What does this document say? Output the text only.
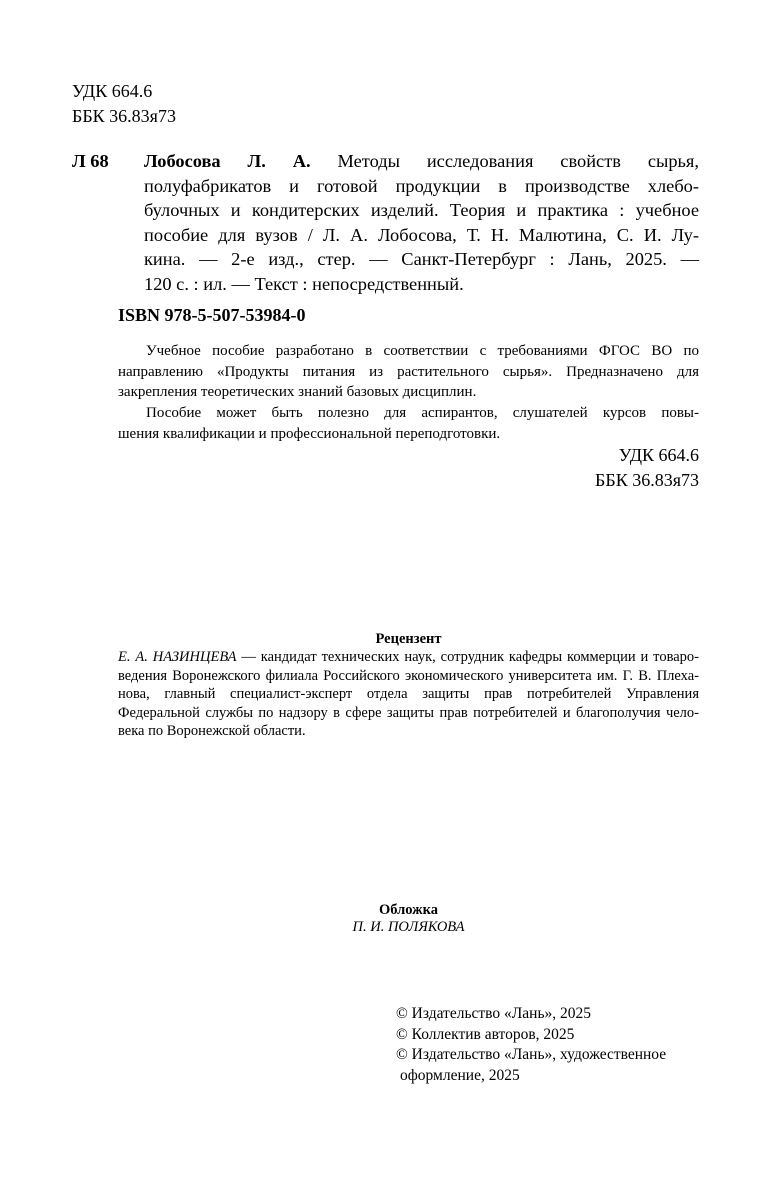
УДК 664.6
ББК 36.83я73
Л 68 Лобосова Л. А. Методы исследования свойств сырья,
полуфабрикатов и готовой продукции в производстве хлебо-
булочных и кондитерских изделий. Теория и практика : учебное
пособие для вузов / Л. А. Лобосова, Т. Н. Малютина, С. И. Лу-
кина. — 2-е изд., стер. — Санкт-Петербург : Лань, 2025. —
120 с. : ил. — Текст : непосредственный.
ISBN 978-5-507-53984-0
Учебное пособие разработано в соответствии с требованиями ФГОС ВО по
направлению «Продукты питания из растительного сырья». Предназначено для
закрепления теоретических знаний базовых дисциплин.
Пособие может быть полезно для аспирантов, слушателей курсов повы-
шения квалификации и профессиональной переподготовки.
УДК 664.6
ББК 36.83я73
Рецензент
Е. А. НАЗИНЦЕВА — кандидат технических наук, сотрудник кафедры коммерции и товаро-
ведения Воронежского филиала Российского экономического университета им. Г. В. Плеха-
нова, главный специалист-эксперт отдела защиты прав потребителей Управления
Федеральной службы по надзору в сфере защиты прав потребителей и благополучия чело-
века по Воронежской области.
Обложка
П. И. ПОЛЯКОВА
© Издательство «Лань», 2025
© Коллектив авторов, 2025
© Издательство «Лань», художественное
оформление, 2025
